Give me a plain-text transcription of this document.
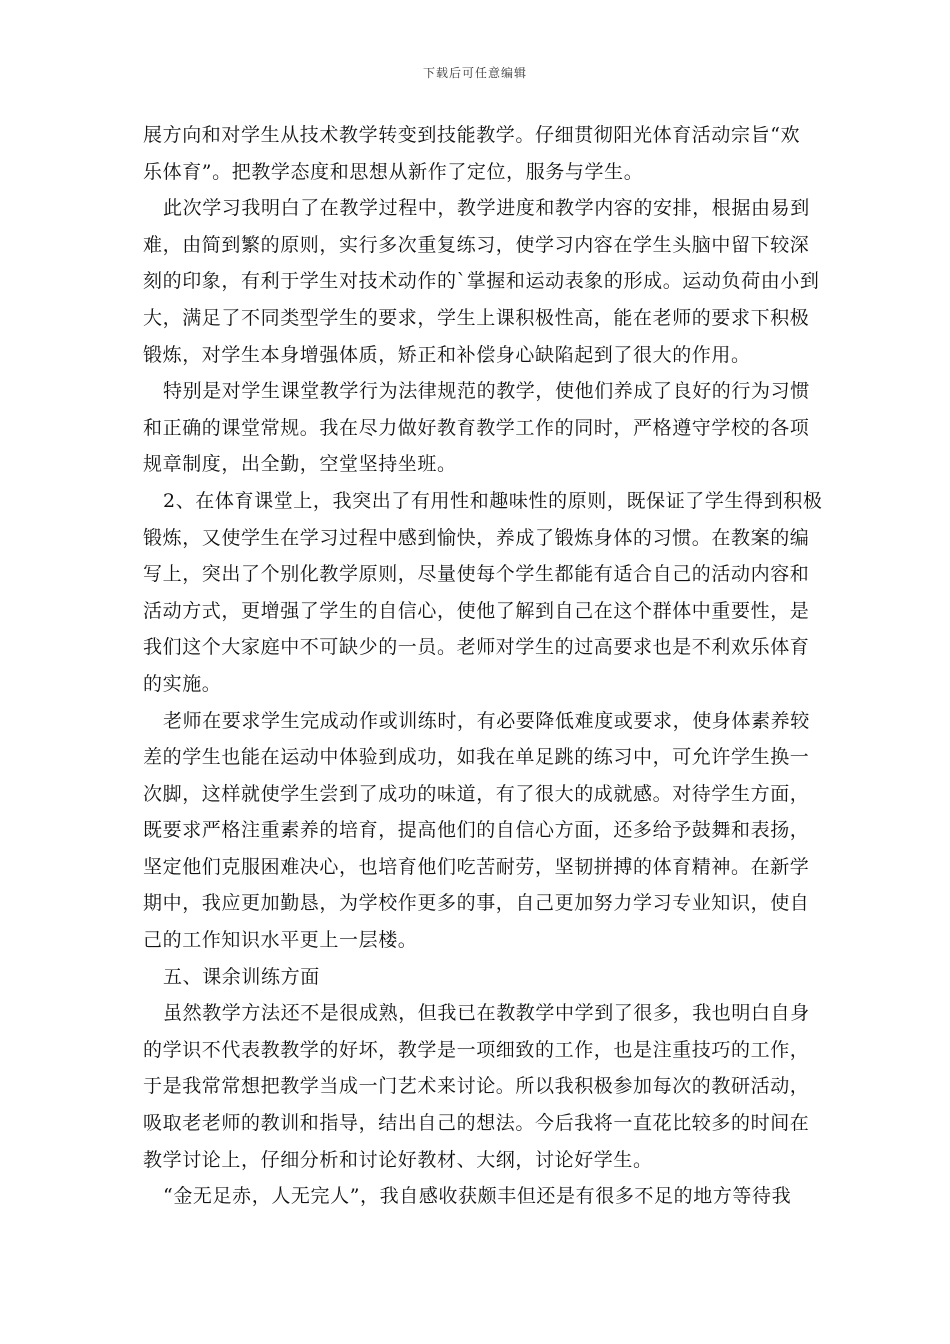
下载后可任意编辑
展方向和对学生从技术教学转变到技能教学。仔细贯彻阳光体育活动宗旨“欢
乐体育”。把教学态度和思想从新作了定位，服务与学生。
此次学习我明白了在教学过程中，教学进度和教学内容的安排，根据由易到
难，由简到繁的原则，实行多次重复练习，使学习内容在学生头脑中留下较深
刻的印象，有利于学生对技术动作的`掌握和运动表象的形成。运动负荷由小到
大，满足了不同类型学生的要求，学生上课积极性高，能在老师的要求下积极
锻炼，对学生本身增强体质，矫正和补偿身心缺陷起到了很大的作用。
特别是对学生课堂教学行为法律规范的教学，使他们养成了良好的行为习惯
和正确的课堂常规。我在尽力做好教育教学工作的同时，严格遵守学校的各项
规章制度，出全勤，空堂坚持坐班。
2、在体育课堂上，我突出了有用性和趣味性的原则，既保证了学生得到积极
锻炼，又使学生在学习过程中感到愉快，养成了锻炼身体的习惯。在教案的编
写上，突出了个别化教学原则，尽量使每个学生都能有适合自己的活动内容和
活动方式，更增强了学生的自信心，使他了解到自己在这个群体中重要性，是
我们这个大家庭中不可缺少的一员。老师对学生的过高要求也是不利欢乐体育
的实施。
老师在要求学生完成动作或训练时，有必要降低难度或要求，使身体素养较
差的学生也能在运动中体验到成功，如我在单足跳的练习中，可允许学生换一
次脚，这样就使学生尝到了成功的味道，有了很大的成就感。对待学生方面，
既要求严格注重素养的培育，提高他们的自信心方面，还多给予鼓舞和表扬，
坚定他们克服困难决心，也培育他们吃苦耐劳，坚韧拼搏的体育精神。在新学
期中，我应更加勤恳，为学校作更多的事，自己更加努力学习专业知识，使自
己的工作知识水平更上一层楼。
五、课余训练方面
虽然教学方法还不是很成熟，但我已在教教学中学到了很多，我也明白自身
的学识不代表教教学的好坏，教学是一项细致的工作，也是注重技巧的工作，
于是我常常想把教学当成一门艺术来讨论。所以我积极参加每次的教研活动，
吸取老老师的教训和指导，结出自己的想法。今后我将一直花比较多的时间在
教学讨论上，仔细分析和讨论好教材、大纲，讨论好学生。
“金无足赤，人无完人”，我自感收获颇丰但还是有很多不足的地方等待我
